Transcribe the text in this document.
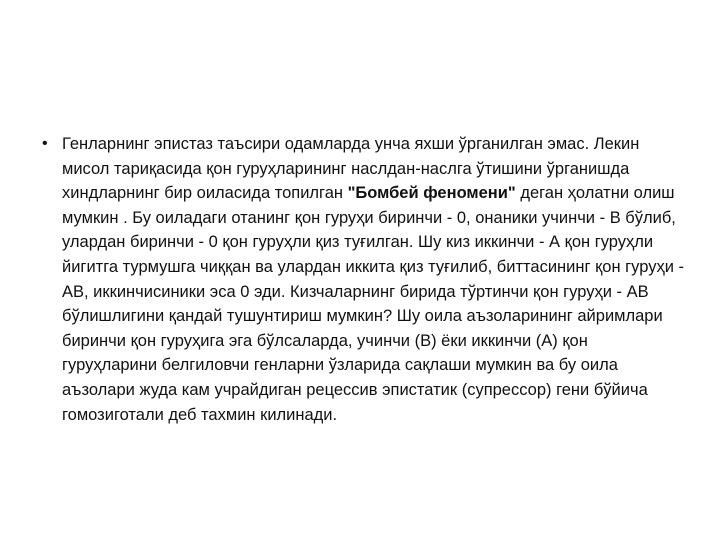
• Генларнинг эпистаз таъсири одамларда унча яхши ўрганилган эмас. Лекин мисол тариқасида қон гуруҳларининг наслдан-наслга ўтишини ўрганишда хиндларнинг бир оиласида топилган "Бомбей феномени" деган ҳолатни олиш мумкин . Бу оиладаги отанинг қон гуруҳи биринчи - 0, онаники учинчи - В бўлиб, улардан биринчи - 0 қон гуруҳли қиз туғилган. Шу киз иккинчи - А қон гуруҳли йигитга турмушга чиққан ва улардан иккита қиз туғилиб, биттасининг қон гуруҳи - АВ, иккинчисиники эса 0 эди. Кизчаларнинг бирида тўртинчи қон гуруҳи - АВ бўлишлигини қандай тушунтириш мумкин? Шу оила аъзоларининг айримлари биринчи қон гуруҳига эга бўлсаларда, учинчи (В) ёки иккинчи (А) қон гуруҳларини белгиловчи генларни ўзларида сақлаши мумкин ва бу оила аъзолари жуда кам учрайдиган рецессив эпистатик (супрессор) гени бўйича гомозиготали деб тахмин килинади.
